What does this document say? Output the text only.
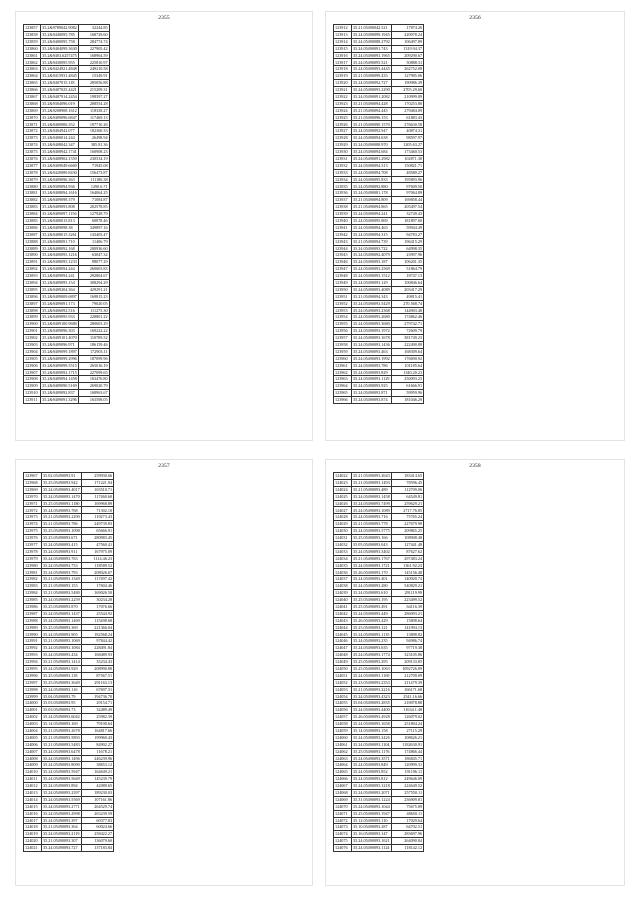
2355
123857	35.2&9789042.9082	32244.85
123858	35.2&9440095.785	168729.60
123859	35.2&9400095.758	284774.74
123860	35.2&9404099.3630	227905.42
123861	35.2&9403.6257475	168964.59
123862	35.2&9430095.955	225810.97
123863	35.2&9424921.4848	249210.58
123864	35.2&9415931.4845	15349.91
123865	35.2&9407015.118	285056.88
123866	35.2&9407025.4421	215209.31
123867	35.2&9407914.2454	198397.27
123868	35.2&9304096.019	208554.28
123869	35.2&9208908.1612	118338.27
123870	35.2&9409096.6847	117469.13
123871	35.2&9400906.352	197710.26
123872	35.2&9404942.077	182360.33
123873	35.2&9400014.244	26498.94
123874	35.2&9408042.347	385.81.36
123875	35.2&9408942.1741	160908.23
123876	35.2&9408902.1559	230534.19
123877	35.2&9409049.6669	71945.08
123878	35.2&9420089.8430	156473.87
123879	35.2&9409096.363	111186.38
123880	35.2&9309094.936	1290.6.71
123881	35.2&9408094.1616	164064.25
123882	35.2&9409098.379	71084.87
123883	35.2&9409093.808	202578.85
123884	35.2&9409097.1156	127928.79
123885	35.2&9400015.813	60878.46
123886	35.2&9409098.38	349897.16
123887	35.2&9408015.3261	143403.47
123888	35.2&9408091.710	11406.79
123889	35.2&9408092.168	200936.60
123890	35.2&9400095.1216	63047.32
123891	35.2&9408095.1233	98077.29
123892	35.2&9408094.244	260603.83
123893	35.2&9409094.241	292804.67
123894	35.2&9409095.154	308294.29
123895	35.2&9409204.364	429291.21
123896	35.2&9409009.6897	169815.23
123897	35.2&9409091.173	79020.05
123898	35.2&9406092.516	111275.30
123899	35.2&9409095.933	228801.22
123900	35.2&9409100.9680	280603.29
123901	35.2&9409096.303	169222.22
123902	35.2&9409101.4070	110709.52
123903	35.2&9409096.971	186159.46
123904	35.2&9409099.1897	172903.11
123905	35.2&9409099.2996	187099.96
123906	35.2&9409099.5515	265016.19
123907	35.2&9409092.1715	227099.65
123908	35.2&9409094.1458	163476.80
123909	35.2&9409090.5169	269020.79
123910	35.2&9409092.837	168963.67
123911	35.2&9409091.3296	163598.05
2356
123912	35.21.05490042.521	17874.26
123913	35.24.05490099.1945	220078.24
123914	35.24.05490088.2792	106497.89
123915	35.24.05490091.743	1319.94.37
123916	35.24.05490093.1965	209290.67
123917	35.24.05490095.521	50888.31
123918	35.24.05490093.4445	262752.08
123919	35.21.05490099.433	127985.06
123920	35.24.05490092.727	190986.39
123921	35.24.05490093.2290	2705.29.60
123922	35.24.05490091.2082	210999.09
123923	35.21.05490094.428	170253.80
123924	35.21.05490094.445	279484.09
123925	35.21.05490096.153	61883.43
123926	35.21.05490090.1570	276630.58
123927	35.24.05490092.947	40874.31
123928	35.24.05490094.638	98597.97
123929	35.24.05490088.970	1205.63.27
123930	35.24.05490094.684	173460.53
123931	35.24.05490091.2982	102871.38
123932	35.24.05490094.313	150821.71
123933	35.24.05490094.708	48580.27
123934	35.24.05490095.833	195893.96
123935	35.24.05490092.880	97609.50
123936	35.24.05490081.178	97064.89
123937	35.21.05490094.809	169858.44
123938	35.21.05490094.865	205497.54
123939	35.24.05490094.241	32749.43
123940	35.24.05490095.869	181897.60
123941	35.24.05490094.463	59944.49
123942	35.24.05490094.315	94783.27
123943	35.21.05490094.739	196415.29
123944	35.24.05490093.722	64998.35
123945	35.24.05490092.4079	23997.96
123946	35.24.05490093.187	106201.35
123947	35.24.05490093.2569	51864.79
123948	35.24.05490093.1512	18747.13
123949	35.24.05490093.129	100846.64
123950	35.24.05490093.4089	203417.29
123951	35.21.05490094.343	49815.41
123952	35.24.05490093.5429	270.568.74
123953	35.24.05490093.2368	144903.48
123954	35.24.05490093.2680	174862.46
123955	35.24.05490093.3680	279742.71
123956	35.24.05490093.1972	72609.79
123957	35.24.05490093.1678	381749.23
123958	35.24.05490093.1436	222490.89
123959	35.24.05490093.463	168309.64
123960	35.24.05490093.1992	176690.92
123961	35.24.05490093.786	101185.64
123962	35.24.05490093.829	1340.20.23
123963	35.24.05490093.1129	250093.23
123964	35.24.05490093.925	61666.91
123965	35.24.05490093.871	59959.96
123966	35.24.05490093.874	181046.29
2357
123967	35.02.05490093.91	259930.66
123968	35.25.05490093.942	171221.94
123969	35.24.05490093.4017	163510.71
123970	35.24.05490093.1470	117460.60
123971	35.25.05490093.1180	169968.89
123972	35.24.05490093.768	71302.10
123973	35.21.05490093.2290	119273.43
123974	35.21.05490093.786	249739.83
123975	35.25.05490093.1098	65666.91
123976	35.25.05490093.671	280983.45
123977	35.24.05490093.415	47560.41
123978	35.24.05490093.911	167975.09
123979	35.24.05490093.763	1114.46.23
123980	35.24.05490093.753	118589.52
123981	35.24.05490093.793	208026.67
123982	35.21.05490093.1349	117497.42
123983	35.21.05490093.153	17604.46
123984	35.21.05490093.5480	169026.50
123985	35.24.05490093.2259	30234.28
123986	35.25.05490093.870	17076.66
123987	35.24.05490093.1437	25544.92
123988	35.24.05490093.1469	115498.68
123989	35.25.05490093.369	221366.04
123990	35.24.05490093.905	182568.24
123991	35.21.05490093.1069	97844.42
123992	35.24.05490093.1084	228491.84
123993	35.24.05490093.434	168489.93
123994	35.21.05490093.1414	35234.43
123995	35.24.05490093.929	208990.88
123996	35.25.05490093.118	87567.51
123997	35.25.05490093.3649	291163.13
123998	35.24.05490093.116	67697.31
123999	35.04.05490093.79	194736.70
124000	35.03.05490093.95	29154.71
124001	35.03.05490093.73	32489.49
124002	35.24.05490093.6042	25982.39
124003	35.14.05490093.169	79190.64
124004	35.21.05490093.2678	164817.66
124005	35.21.05490093.5893	199960.43
124006	35.21.05490093.5483	84902.27
124007	35.24.05490093.6478	11678.21
124008	35.24.05490093.1496	246239.96
124009	35.24.05490093.8090	38653.12
124010	35.24.05490093.5947	164649.21
124011	35.24.05490093.5649	145239.79
124012	35.24.05490093.894	42089.65
124013	35.24.05490093.2397	189230.03
124014	35.24.05490093.5569	107161.86
124015	35.24.05490093.2771	264529.74
124016	35.24.05490093.2998	263239.59
124017	35.24.05490093.397	60377.83
124018	35.21.05490093.364	60024.66
124019	35.24.05490093.2119	258422.27
124020	35.21.05490093.307	136079.60
124021	35.24.05490093.727	137183.84
2358
124022	35.21.05490093.2643	183414.65
124023	35.21.05490093.1493	78596.45
124024	35.21.05490093.489	112709.06
124025	35.24.05490093.1458	64549.81
124026	35.24.05490093.7499	259629.21
124027	35.24.05490093.1089	2717.76.85
124028	35.24.05490093.716	75765.24
124029	35.21.05490093.778	227679.90
124030	35.24.05490093.5775	209865.25
124031	35.25.05490093.166	108908.48
124032	35.05.05490093.043	127441.48
124033	35.24.05490093.3402	87627.62
124034	35.21.05490093.1767	297483.24
124035	35.24.05490093.1721	1361.92.23
124036	35.26.05490093.170	145156.48
124037	35.24.05490093.401	140920.74
124038	35.24.05490093.280	540829.21
124039	35.24.05490093.610	291119.99
124040	35.25.05490093.195	223499.52
124041	35.25.05490093.491	64116.39
124042	35.24.05490093.449	286093.21
124043	35.26.05490093.429	15808.64
124044	35.25.05490093.121	141994.13
124045	35.24.05490093.1135	13898.82
124046	35.24.05490093.235	94986.74
124047	35.24.05490093.635	97719.38
124048	35.24.05490093.1774	323105.86
124049	35.25.05490093.295	209133.85
124050	35.25.05490093.1063	1092726.09
124051	35.24.05490093.1169	212709.09
124052	35.23.05490093.2353	211479.39
124053	35.21.05490093.2216	166171.68
124054	35.24.05490093.4323	2541.16.66
124055	35.04.05490093.2835	218078.88
124056	35.24.05490093.4400	11634.1.48
124057	35.26.05490093.4928	126079.02
124058	35.24.05490093.1658	251804.24
124059	35.14.05490093.158	27115.29
124060	35.24.05490093.2426	108626.21
124061	35.24.05490093.1104	1182630.91
124062	35.25.05490093.1176	174866.44
124063	35.24.05490093.3571	186845.71
124064	35.24.05490093.849	120999.31
124065	35.24.05490093.852	191196.11
124066	35.24.05490093.812	249646.09
124067	35.24.05490093.1218	224649.52
124068	35.24.05490093.2071	257550.11
124069	35.31.05490093.1224	236909.81
124070	35.24.05490093.1044	75675.09
124071	35.25.05490093.1947	48650.11
124072	35.12.05490093.110	17029.64
124073	35.10.05490093.287	64702.51
124074	35.16.05490093.147	283697.96
124075	35.24.05490093.1621	264090.84
124076	35.24.05490093.1124	118142.12
